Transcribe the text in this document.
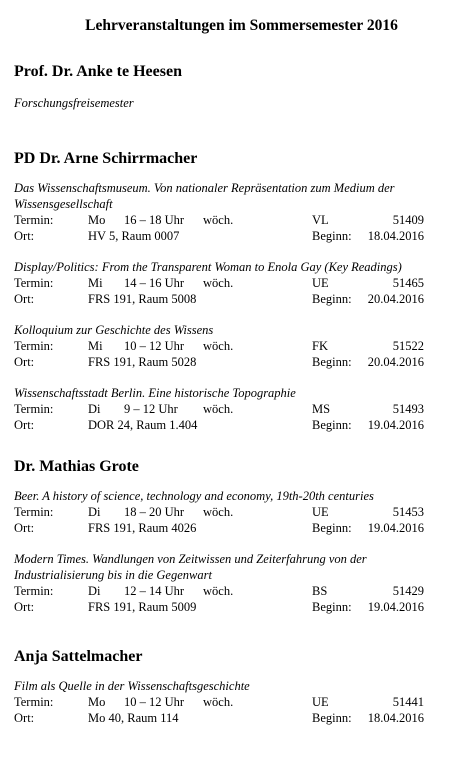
Lehrveranstaltungen im Sommersemester 2016
Prof. Dr. Anke te Heesen
Forschungsfreisemester
PD Dr. Arne Schirrmacher
Das Wissenschaftsmuseum. Von nationaler Repräsentation zum Medium der Wissensgesellschaft
Termin:	Mo 16 – 18 Uhr wöch.	VL	51409
Ort:	HV 5, Raum 0007	Beginn: 18.04.2016
Display/Politics: From the Transparent Woman to Enola Gay (Key Readings)
Termin:	Mi 14 – 16 Uhr wöch.	UE	51465
Ort:	FRS 191, Raum 5008	Beginn: 20.04.2016
Kolloquium zur Geschichte des Wissens
Termin:	Mi 10 – 12 Uhr wöch.	FK	51522
Ort:	FRS 191, Raum 5028	Beginn: 20.04.2016
Wissenschaftsstadt Berlin. Eine historische Topographie
Termin:	Di 9 – 12 Uhr wöch.	MS	51493
Ort:	DOR 24, Raum 1.404	Beginn: 19.04.2016
Dr. Mathias Grote
Beer. A history of science, technology and economy, 19th-20th centuries
Termin:	Di 18 – 20 Uhr wöch.	UE	51453
Ort:	FRS 191, Raum 4026	Beginn: 19.04.2016
Modern Times. Wandlungen von Zeitwissen und Zeiterfahrung von der Industrialisierung bis in die Gegenwart
Termin:	Di 12 – 14 Uhr wöch.	BS	51429
Ort:	FRS 191, Raum 5009	Beginn: 19.04.2016
Anja Sattelmacher
Film als Quelle in der Wissenschaftsgeschichte
Termin:	Mo 10 – 12 Uhr wöch.	UE	51441
Ort:	Mo 40, Raum 114	Beginn: 18.04.2016
